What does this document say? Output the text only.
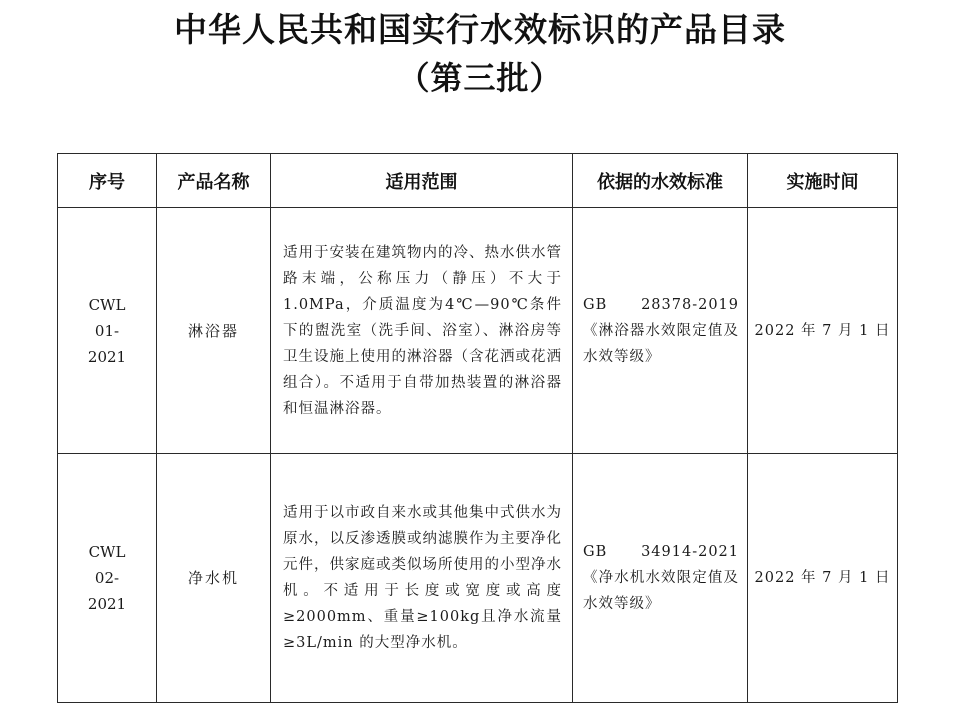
中华人民共和国实行水效标识的产品目录
（第三批）
序号	产品名称	适用范围	依据的水效标准	实施时间

CWL 01-2021	淋浴器	适用于安装在建筑物内的冷、热水供水管路末端，公称压力（静压）不大于1.0MPa，介质温度为4℃—90℃条件下的盥洗室（洗手间、浴室）、淋浴房等卫生设施上使用的淋浴器（含花洒或花洒组合）。不适用于自带加热装置的淋浴器和恒温淋浴器。	GB 28378-2019《淋浴器水效限定值及水效等级》	2022 年 7 月 1 日

CWL 02-2021	净水机	适用于以市政自来水或其他集中式供水为原水，以反渗透膜或纳滤膜作为主要净化元件，供家庭或类似场所使用的小型净水机。不适用于长度或宽度或高度≥2000mm、重量≥100kg且净水流量≥3L/min 的大型净水机。	GB 34914-2021《净水机水效限定值及水效等级》	2022 年 7 月 1 日
